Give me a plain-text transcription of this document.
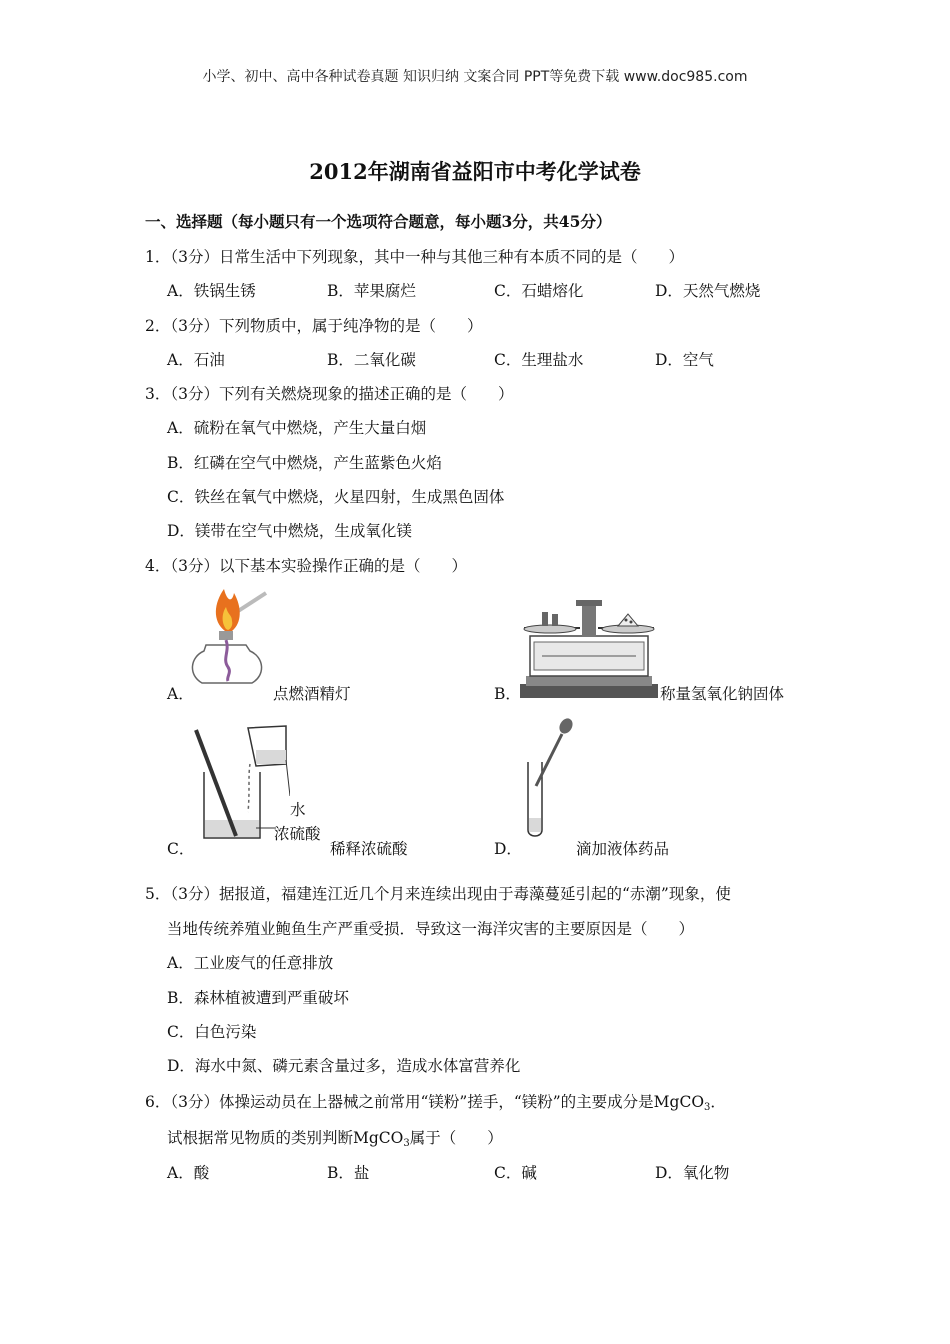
小学、初中、高中各种试卷真题 知识归纳 文案合同 PPT等免费下载 www.doc985.com
2012年湖南省益阳市中考化学试卷
一、选择题（每小题只有一个选项符合题意，每小题3分，共45分）
1．（3分）日常生活中下列现象，其中一种与其他三种有本质不同的是（　　）
A．铁锅生锈	B．苹果腐烂	C．石蜡熔化	D．天然气燃烧
2．（3分）下列物质中，属于纯净物的是（　　）
A．石油	B．二氧化碳	C．生理盐水	D．空气
3．（3分）下列有关燃烧现象的描述正确的是（　　）
A．硫粉在氧气中燃烧，产生大量白烟
B．红磷在空气中燃烧，产生蓝紫色火焰
C．铁丝在氧气中燃烧，火星四射，生成黑色固体
D．镁带在空气中燃烧，生成氧化镁
4．（3分）以下基本实验操作正确的是（　　）
A．	点燃酒精灯	B．	称量氢氧化钠固体
水
浓硫酸
C．	稀释浓硫酸	D．	滴加液体药品
5．（3分）据报道，福建连江近几个月来连续出现由于毒藻蔓延引起的“赤潮”现象，使
当地传统养殖业鲍鱼生产严重受损．导致这一海洋灾害的主要原因是（　　）
A．工业废气的任意排放
B．森林植被遭到严重破坏
C．白色污染
D．海水中氮、磷元素含量过多，造成水体富营养化
6．（3分）体操运动员在上器械之前常用“镁粉”搓手，“镁粉”的主要成分是MgCO$_3$．
试根据常见物质的类别判断MgCO$_3$属于（　　）
A．酸	B．盐	C．碱	D．氧化物
